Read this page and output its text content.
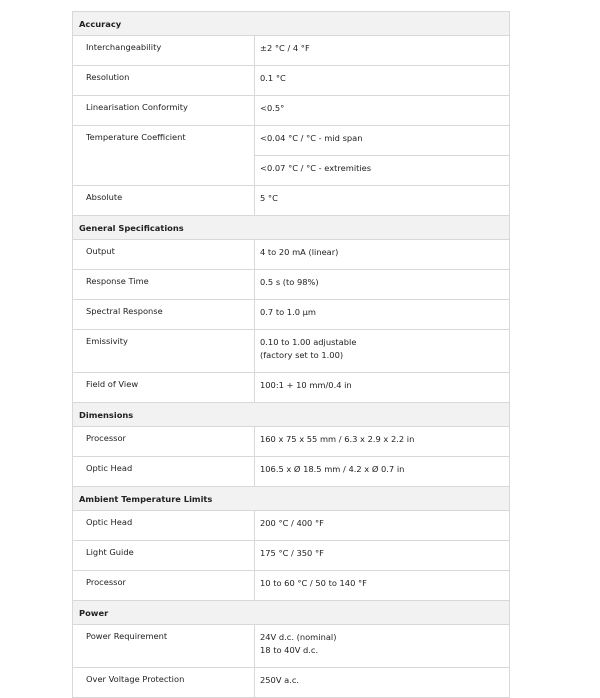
Accuracy	
Interchangeability	±2 °C / 4 °F

Resolution	0.1 °C

Linearisation Conformity	<0.5°

Temperature Coefficient	<0.04 °C / °C - mid span

	<0.07 °C / °C - extremities

Absolute	5 °C

General Specifications	
Output	4 to 20 mA (linear)

Response Time	0.5 s (to 98%)

Spectral Response	0.7 to 1.0 μm

Emissivity	0.10 to 1.00 adjustable
(factory set to 1.00)

Field of View	100:1 + 10 mm/0.4 in

Dimensions	
Processor	160 x 75 x 55 mm / 6.3 x 2.9 x 2.2 in

Optic Head	106.5 x Ø 18.5 mm / 4.2 x Ø 0.7 in

Ambient Temperature Limits	
Optic Head	200 °C / 400 °F

Light Guide	175 °C / 350 °F

Processor	10 to 60 °C / 50 to 140 °F

Power	
Power Requirement	24V d.c. (nominal)
18 to 40V d.c.

Over Voltage Protection	250V a.c.
